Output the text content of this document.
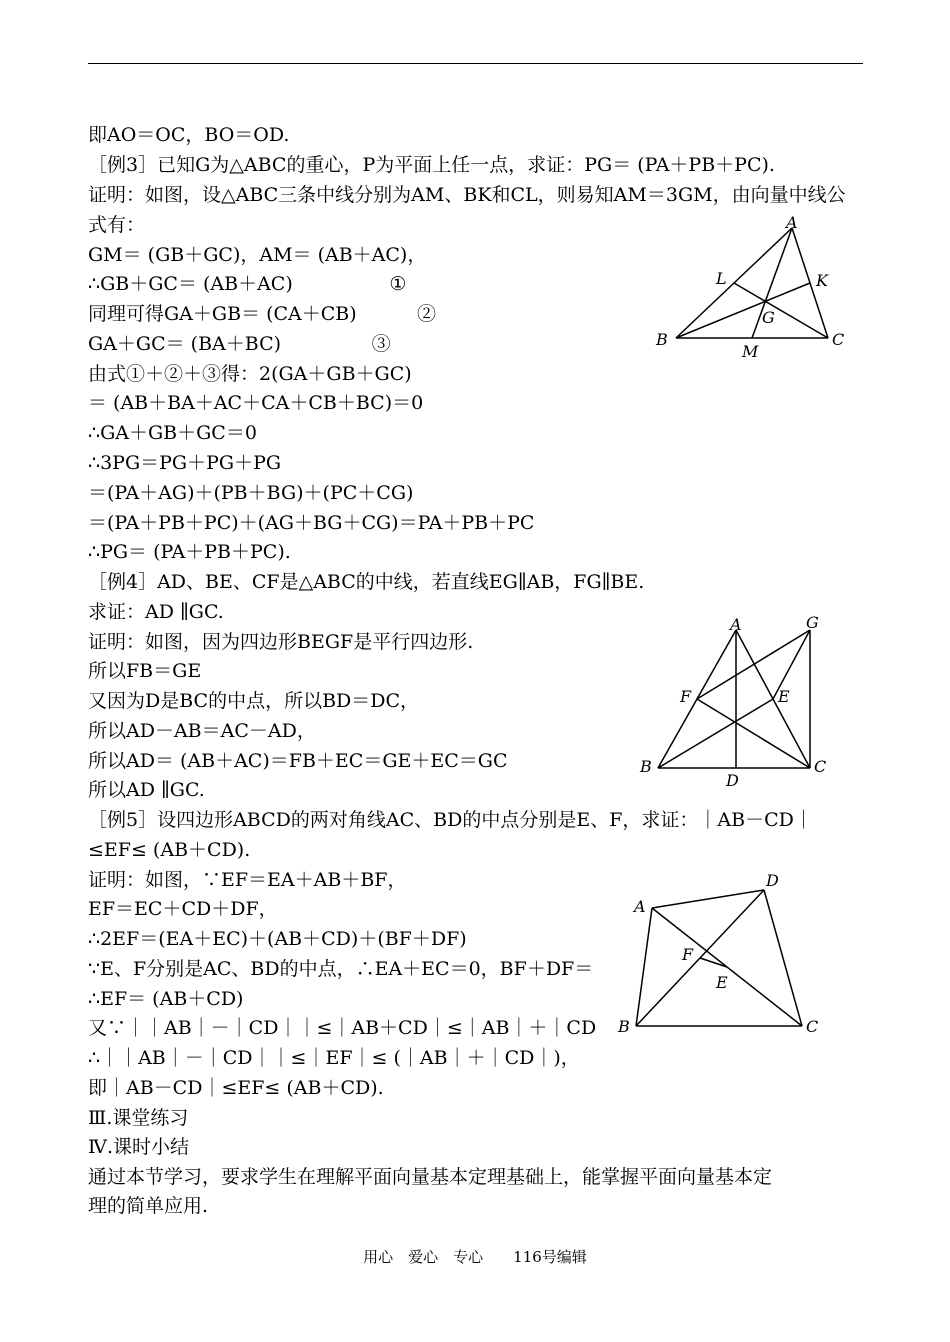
即AO＝OC，BO＝OD.
［例3］已知G为△ABC的重心，P为平面上任一点，求证：PG＝ (PA＋PB＋PC).
证明：如图，设△ABC三条中线分别为AM、BK和CL，则易知AM＝3GM，由向量中线公
式有：
GM＝ (GB＋GC)，AM＝ (AB＋AC)，
∴GB＋GC＝ (AB＋AC)                ①
同理可得GA＋GB＝ (CA＋CB)          ②
GA＋GC＝ (BA＋BC)               ③
由式①＋②＋③得：2(GA＋GB＋GC)
＝ (AB＋BA＋AC＋CA＋CB＋BC)＝0
∴GA＋GB＋GC＝0
∴3PG＝PG＋PG＋PG
＝(PA＋AG)＋(PB＋BG)＋(PC＋CG)
＝(PA＋PB＋PC)＋(AG＋BG＋CG)＝PA＋PB＋PC
∴PG＝ (PA＋PB＋PC).
［例4］AD、BE、CF是△ABC的中线，若直线EG∥AB，FG∥BE.
求证：AD ∥GC.
证明：如图，因为四边形BEGF是平行四边形.
所以FB＝GE
又因为D是BC的中点，所以BD＝DC，
所以AD－AB＝AC－AD，
所以AD＝ (AB＋AC)＝FB＋EC＝GE＋EC＝GC
所以AD ∥GC.
［例5］设四边形ABCD的两对角线AC、BD的中点分别是E、F，求证：｜AB－CD｜
≤EF≤ (AB＋CD).
证明：如图，∵EF＝EA＋AB＋BF，
EF＝EC＋CD＋DF，
∴2EF＝(EA＋EC)＋(AB＋CD)＋(BF＋DF)
∵E、F分别是AC、BD的中点，∴EA＋EC＝0，BF＋DF＝
∴EF＝ (AB＋CD)
又∵｜｜AB｜－｜CD｜｜≤｜AB＋CD｜≤｜AB｜＋｜CD
∴｜｜AB｜－｜CD｜｜≤｜EF｜≤ (｜AB｜＋｜CD｜)，
即｜AB－CD｜≤EF≤ (AB＋CD).
Ⅲ.课堂练习
Ⅳ.课时小结
通过本节学习，要求学生在理解平面向量基本定理基础上，能掌握平面向量基本定
理的简单应用.
A
B	C
L	K
G
M
A	G
F	E
B
D
C
A
D
F
E
B	C
用心　爱心　专心　　116号编辑
